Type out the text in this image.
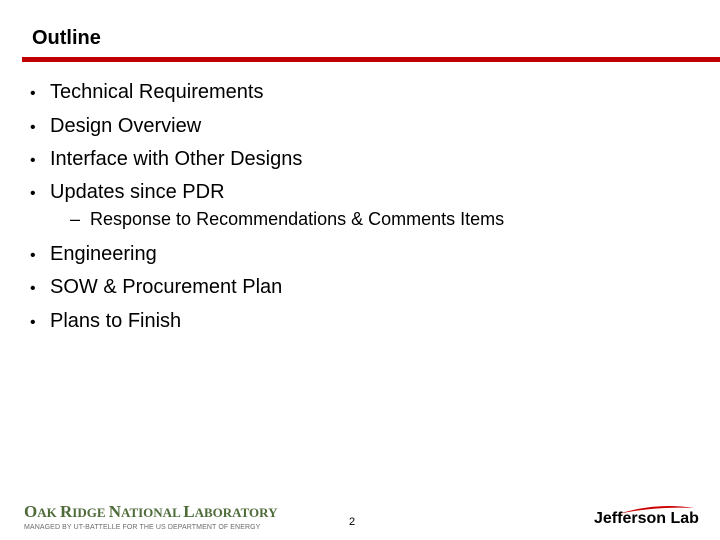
Outline
• Technical Requirements
• Design Overview
• Interface with Other Designs
• Updates since PDR
– Response to Recommendations & Comments Items
• Engineering
• SOW & Procurement Plan
• Plans to Finish
OAK RIDGE NATIONAL LABORATORY
MANAGED BY UT-BATTELLE FOR THE US DEPARTMENT OF ENERGY	2	Jefferson Lab
